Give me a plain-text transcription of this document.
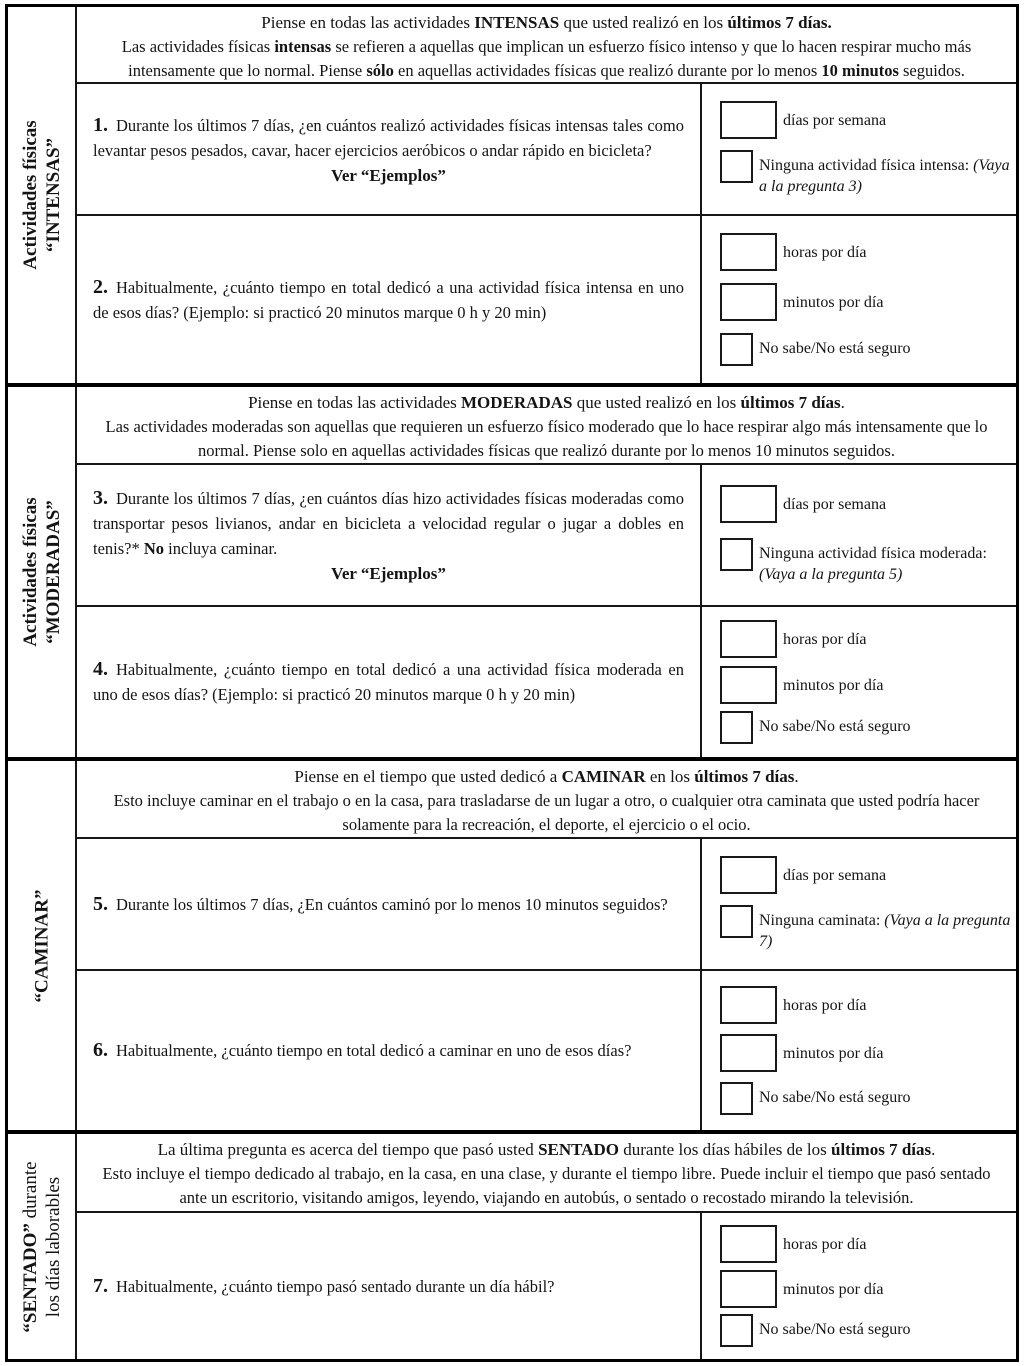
Actividades físicas “INTENSAS”

Piense en todas las actividades INTENSAS que usted realizó en los últimos 7 días.

Las actividades físicas intensas se refieren a aquellas que implican un esfuerzo físico intenso y que lo hacen respirar mucho más intensamente que lo normal. Piense sólo en aquellas actividades físicas que realizó durante por lo menos 10 minutos seguidos.

1. Durante los últimos 7 días, ¿en cuántos realizó actividades físicas intensas tales como levantar pesos pesados, cavar, hacer ejercicios aeróbicos o andar rápido en bicicleta?

Ver “Ejemplos”

días por semana
Ninguna actividad física intensa: (Vaya a la pregunta 3)

2. Habitualmente, ¿cuánto tiempo en total dedicó a una actividad física intensa en uno de esos días? (Ejemplo: si practicó 20 minutos marque 0 h y 20 min)

horas por día
minutos por día
No sabe/No está seguro
Actividades físicas “MODERADAS”

Piense en todas las actividades MODERADAS que usted realizó en los últimos 7 días.

Las actividades moderadas son aquellas que requieren un esfuerzo físico moderado que lo hace respirar algo más intensamente que lo normal. Piense solo en aquellas actividades físicas que realizó durante por lo menos 10 minutos seguidos.

3. Durante los últimos 7 días, ¿en cuántos días hizo actividades físicas moderadas como transportar pesos livianos, andar en bicicleta a velocidad regular o jugar a dobles en tenis?* No incluya caminar.

Ver “Ejemplos”

días por semana
Ninguna actividad física moderada: (Vaya a la pregunta 5)

4. Habitualmente, ¿cuánto tiempo en total dedicó a una actividad física moderada en uno de esos días? (Ejemplo: si practicó 20 minutos marque 0 h y 20 min)

horas por día
minutos por día
No sabe/No está seguro
“CAMINAR”

Piense en el tiempo que usted dedicó a CAMINAR en los últimos 7 días.

Esto incluye caminar en el trabajo o en la casa, para trasladarse de un lugar a otro, o cualquier otra caminata que usted podría hacer solamente para la recreación, el deporte, el ejercicio o el ocio.

5. Durante los últimos 7 días, ¿En cuántos caminó por lo menos 10 minutos seguidos?

días por semana
Ninguna caminata: (Vaya a la pregunta 7)

6. Habitualmente, ¿cuánto tiempo en total dedicó a caminar en uno de esos días?

horas por día
minutos por día
No sabe/No está seguro
“SENTADO” durante los días laborables

La última pregunta es acerca del tiempo que pasó usted SENTADO durante los días hábiles de los últimos 7 días.

Esto incluye el tiempo dedicado al trabajo, en la casa, en una clase, y durante el tiempo libre. Puede incluir el tiempo que pasó sentado ante un escritorio, visitando amigos, leyendo, viajando en autobús, o sentado o recostado mirando la televisión.

7. Habitualmente, ¿cuánto tiempo pasó sentado durante un día hábil?

horas por día
minutos por día
No sabe/No está seguro
